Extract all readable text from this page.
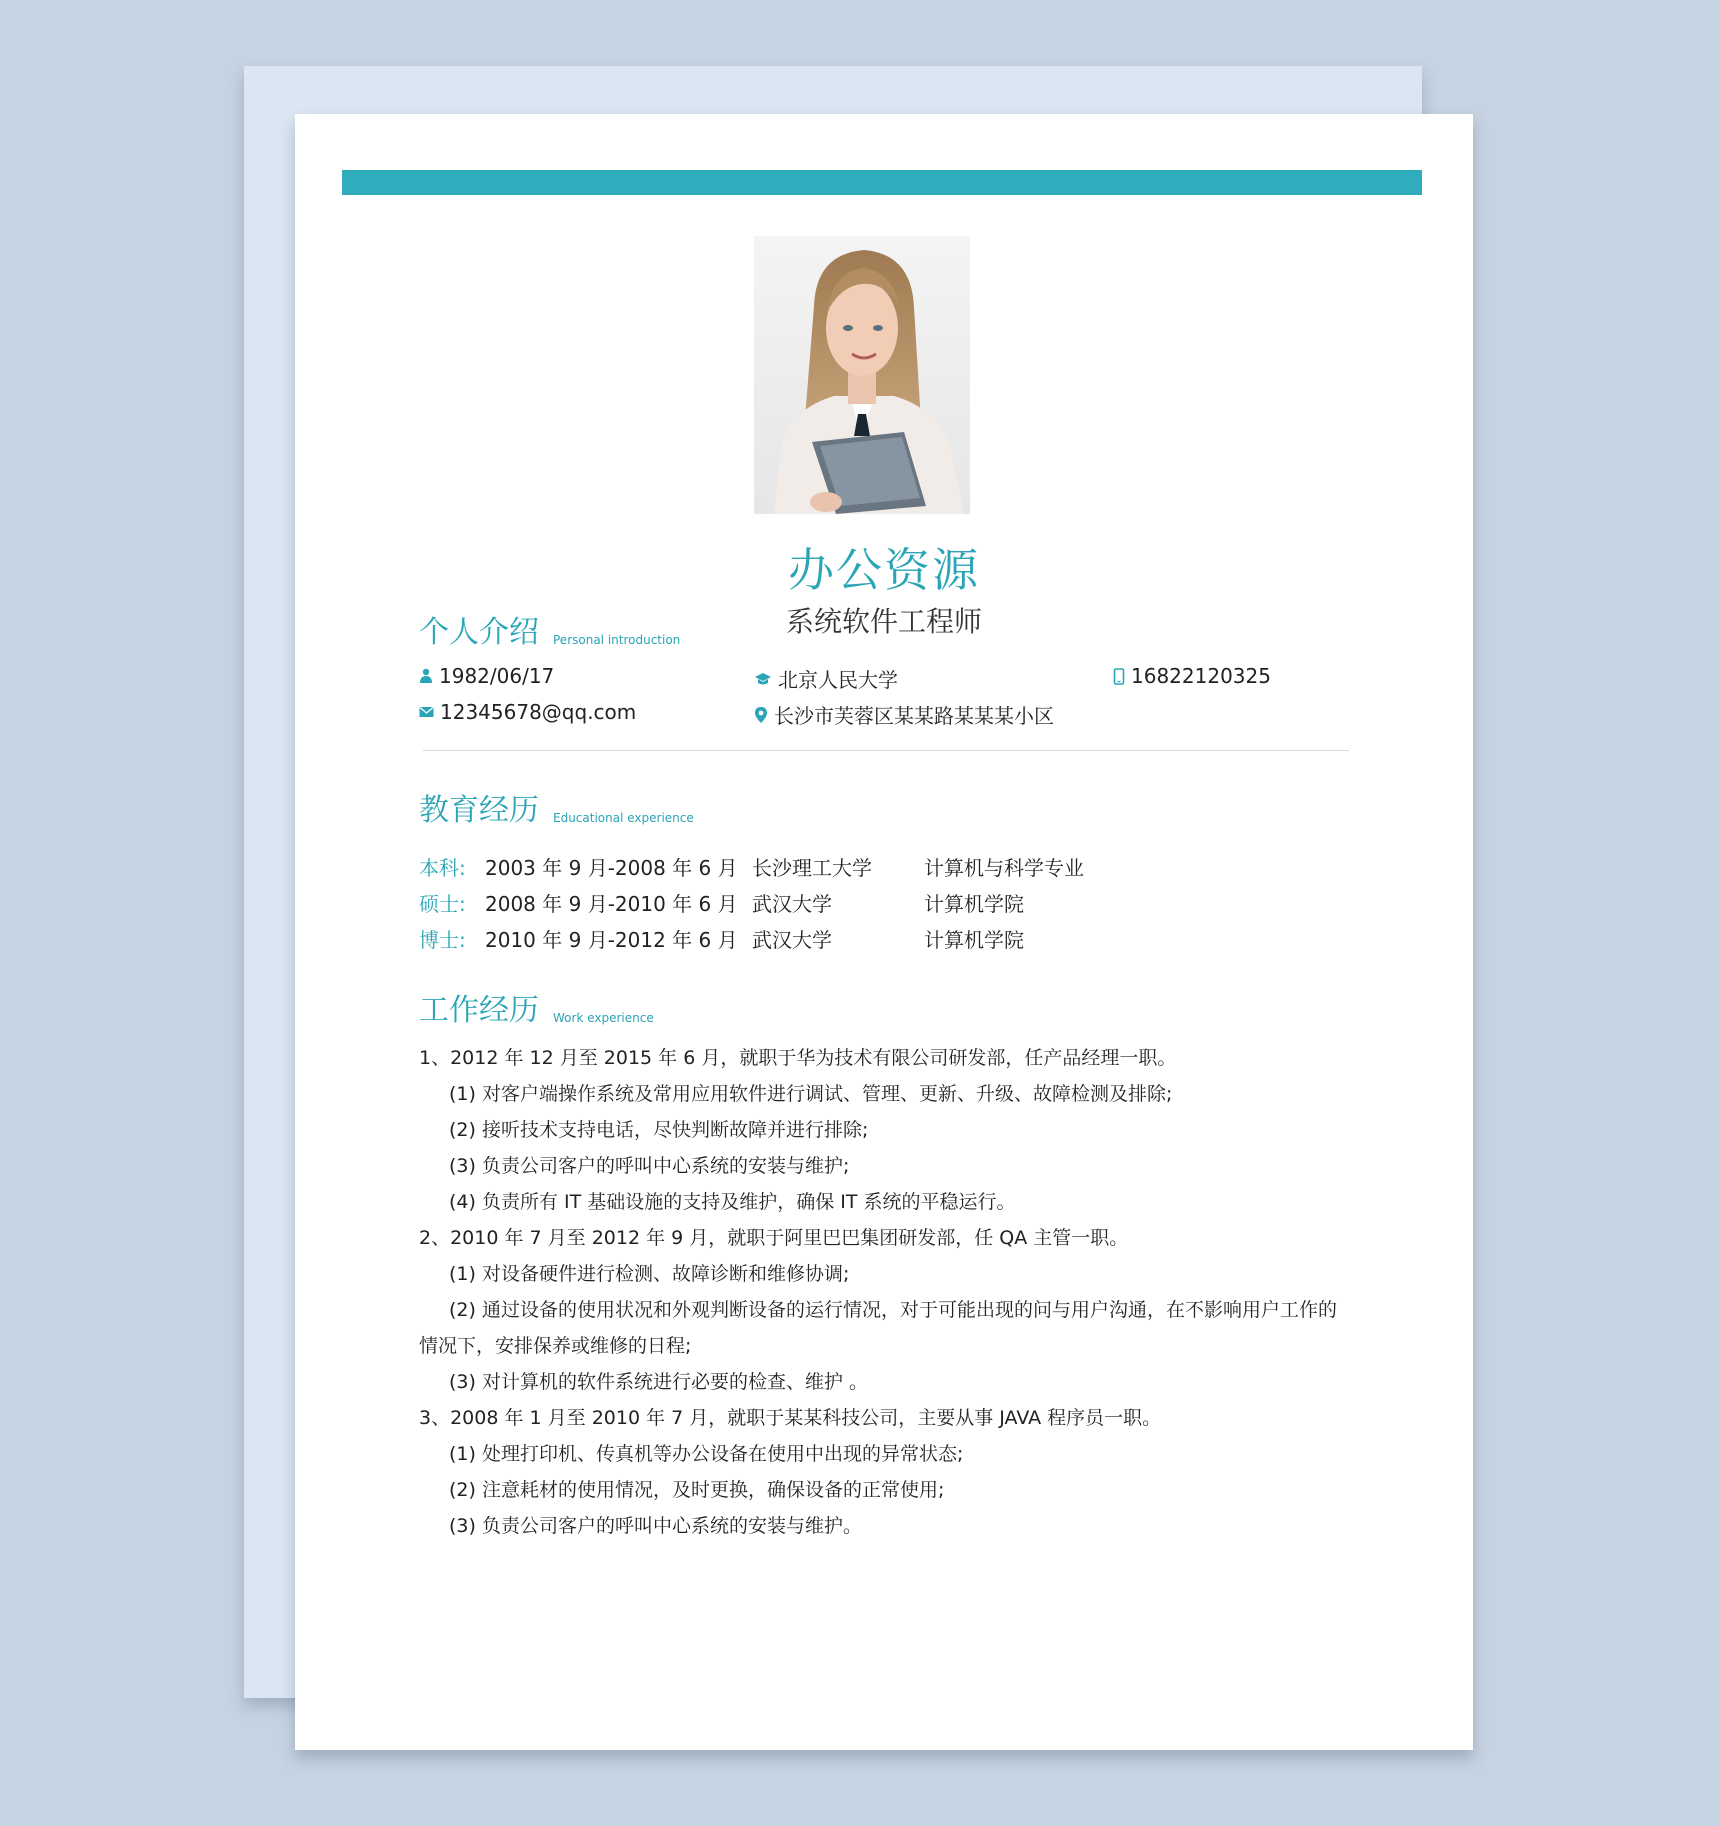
办公资源
系统软件工程师
个人介绍 Personal introduction
1982/06/17	北京人民大学	16822120325
12345678@qq.com	长沙市芙蓉区某某路某某某小区
教育经历 Educational experience
本科: 2003 年 9 月-2008 年 6 月 长沙理工大学	计算机与科学专业
硕士: 2008 年 9 月-2010 年 6 月 武汉大学	计算机学院
博士: 2010 年 9 月-2012 年 6 月 武汉大学	计算机学院
工作经历 Work experience

1、2012 年 12 月至 2015 年 6 月，就职于华为技术有限公司研发部，任产品经理一职。

(1) 对客户端操作系统及常用应用软件进行调试、管理、更新、升级、故障检测及排除;

(2) 接听技术支持电话，尽快判断故障并进行排除;

(3) 负责公司客户的呼叫中心系统的安装与维护;

(4) 负责所有 IT 基础设施的支持及维护，确保 IT 系统的平稳运行。

2、2010 年 7 月至 2012 年 9 月，就职于阿里巴巴集团研发部，任 QA 主管一职。

(1) 对设备硬件进行检测、故障诊断和维修协调;

(2) 通过设备的使用状况和外观判断设备的运行情况，对于可能出现的问与用户沟通，在不影响用户工作的情况下，安排保养或维修的日程;

(3) 对计算机的软件系统进行必要的检查、维护 。

3、2008 年 1 月至 2010 年 7 月，就职于某某科技公司，主要从事 JAVA 程序员一职。

(1) 处理打印机、传真机等办公设备在使用中出现的异常状态;

(2) 注意耗材的使用情况，及时更换，确保设备的正常使用;

(3) 负责公司客户的呼叫中心系统的安装与维护。
